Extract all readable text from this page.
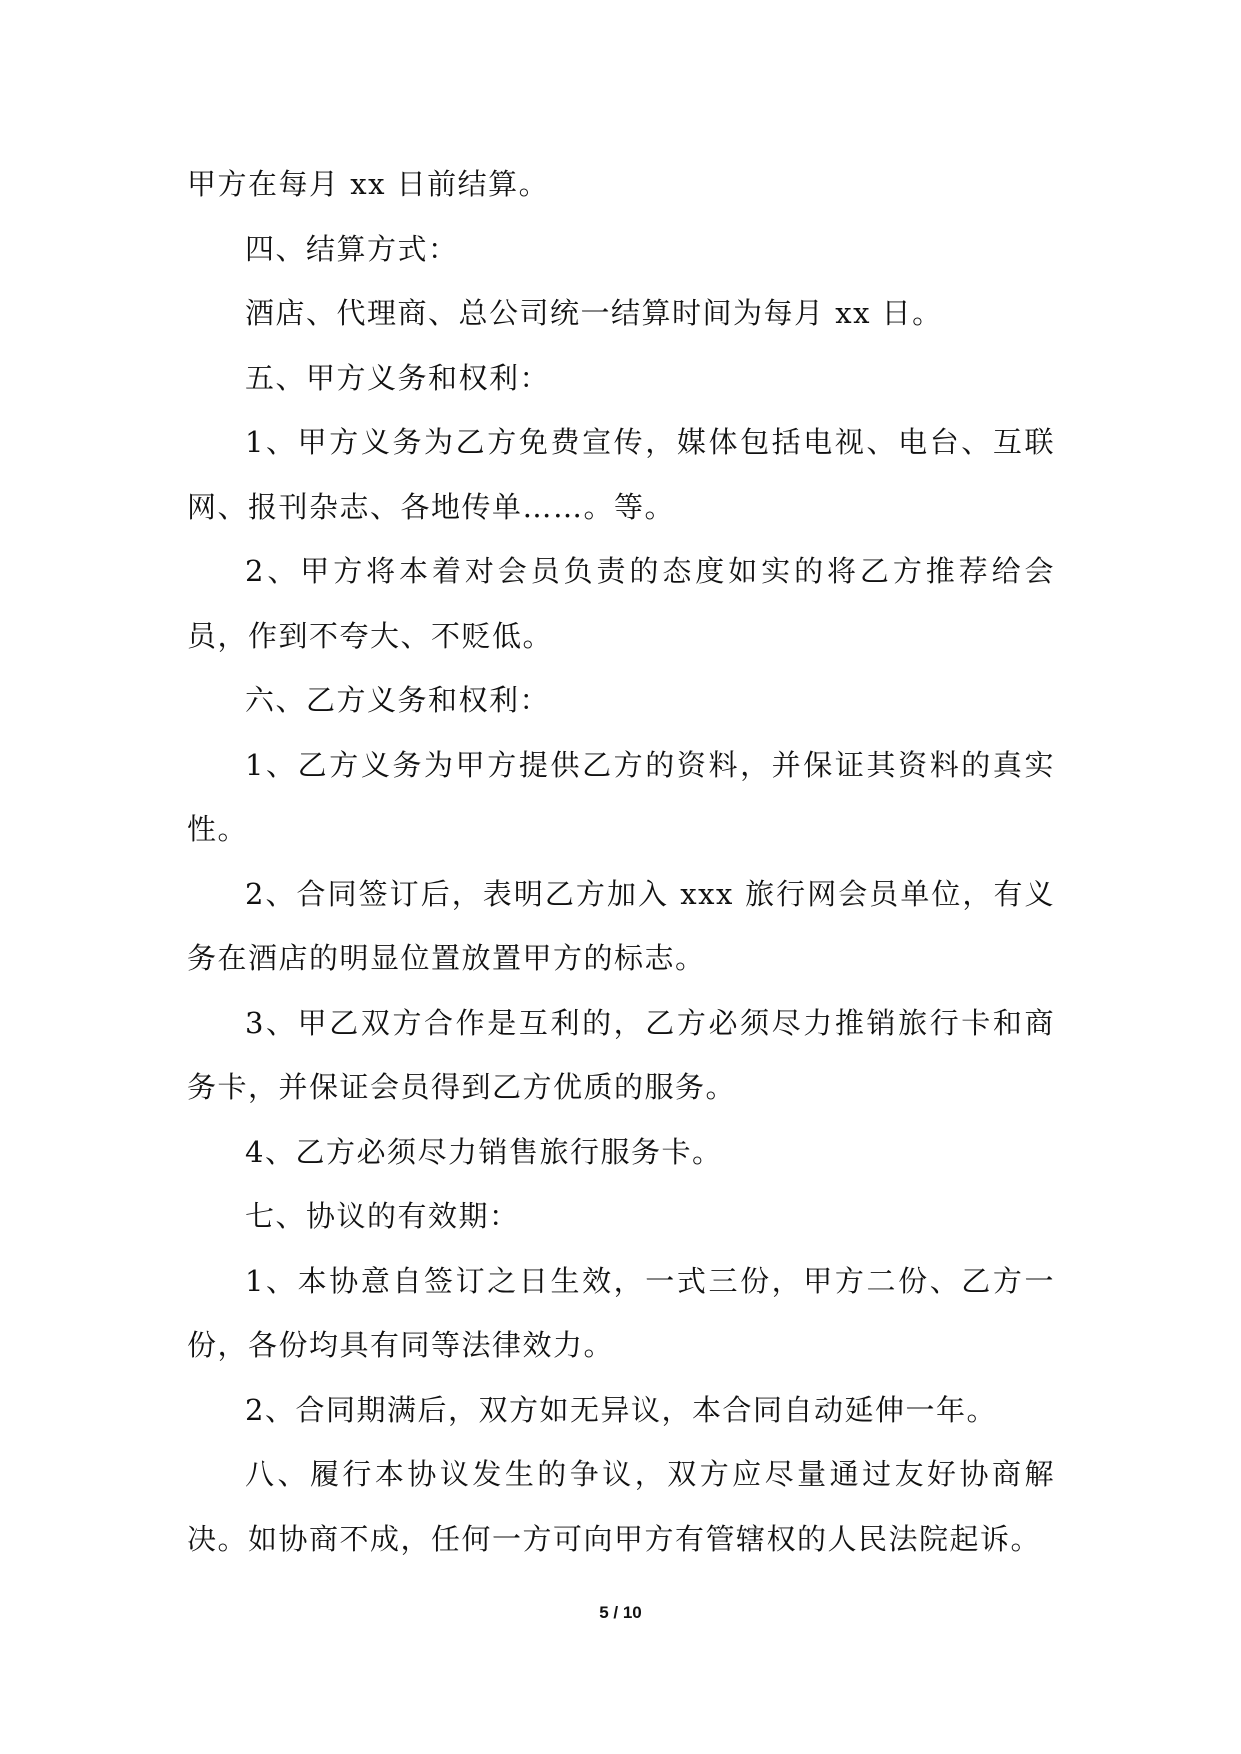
甲方在每月 xx 日前结算。

四、结算方式：

酒店、代理商、总公司统一结算时间为每月 xx 日。

五、甲方义务和权利：

1、甲方义务为乙方免费宣传，媒体包括电视、电台、互联网、报刊杂志、各地传单……。等。

2、甲方将本着对会员负责的态度如实的将乙方推荐给会员，作到不夸大、不贬低。

六、乙方义务和权利：

1、乙方义务为甲方提供乙方的资料，并保证其资料的真实性。

2、合同签订后，表明乙方加入 xxx 旅行网会员单位，有义务在酒店的明显位置放置甲方的标志。

3、甲乙双方合作是互利的，乙方必须尽力推销旅行卡和商务卡，并保证会员得到乙方优质的服务。

4、乙方必须尽力销售旅行服务卡。

七、协议的有效期：

1、本协意自签订之日生效，一式三份，甲方二份、乙方一份，各份均具有同等法律效力。

2、合同期满后，双方如无异议，本合同自动延伸一年。

八、履行本协议发生的争议，双方应尽量通过友好协商解决。如协商不成，任何一方可向甲方有管辖权的人民法院起诉。

5 / 10
